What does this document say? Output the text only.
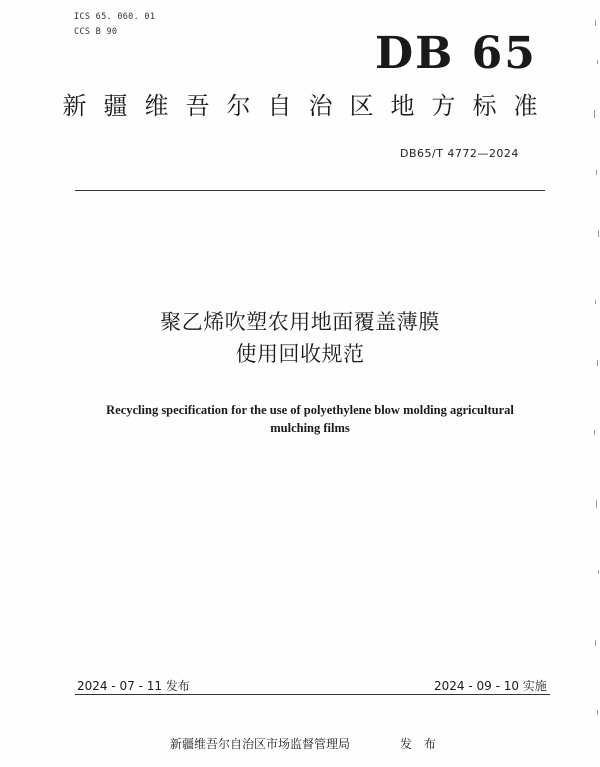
ICS 65. 060. 01
CCS B 90	DB 65
新疆维吾尔自治区地方标准
DB65/T 4772—2024
聚乙烯吹塑农用地面覆盖薄膜
使用回收规范
Recycling specification for the use of polyethylene blow molding agricultural
mulching films
2024 - 07 - 11 发布	2024 - 09 - 10 实施
新疆维吾尔自治区市场监督管理局	发 布
